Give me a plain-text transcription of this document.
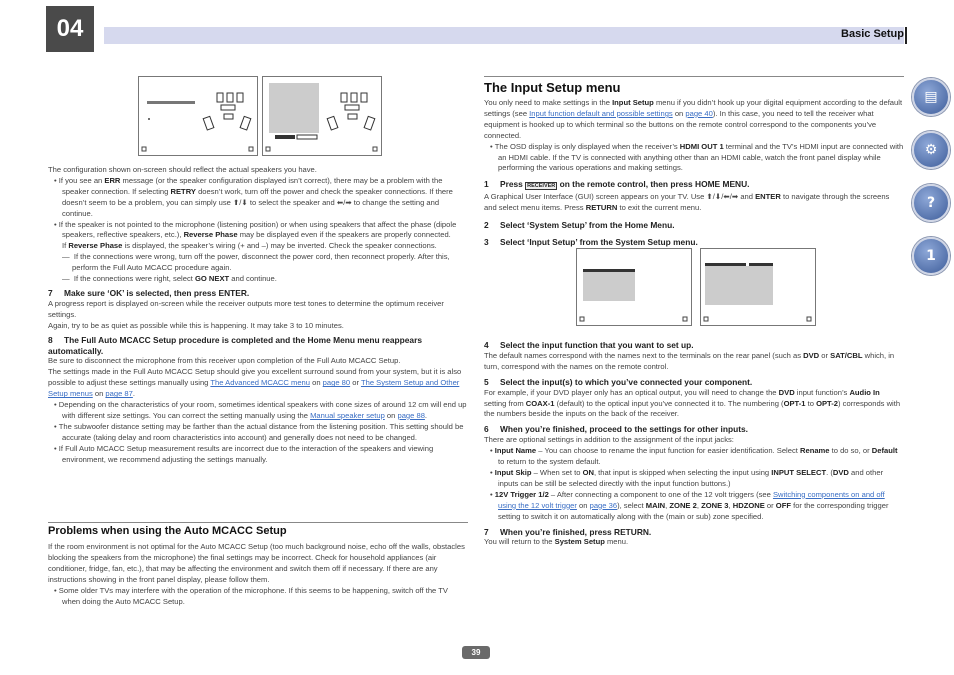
04	Basic Setup

The configuration shown on-screen should reflect the actual speakers you have.

• If you see an ERR message (or the speaker configuration displayed isn’t correct), there may be a problem with the speaker connection. If selecting RETRY doesn’t work, turn off the power and check the speaker connections. If there doesn’t seem to be a problem, you can simply use ⬆/⬇ to select the speaker and ⬅/➡ to change the setting and continue.

• If the speaker is not pointed to the microphone (listening position) or when using speakers that affect the phase (dipole speakers, reflective speakers, etc.), Reverse Phase may be displayed even if the speakers are properly connected.

If Reverse Phase is displayed, the speaker’s wiring (+ and –) may be inverted. Check the speaker connections.

—  If the connections were wrong, turn off the power, disconnect the power cord, then reconnect properly. After this, perform the Full Auto MCACC procedure again.

—  If the connections were right, select GO NEXT and continue.

7 Make sure ‘OK’ is selected, then press ENTER.

A progress report is displayed on-screen while the receiver outputs more test tones to determine the optimum receiver settings.

Again, try to be as quiet as possible while this is happening. It may take 3 to 10 minutes.

8 The Full Auto MCACC Setup procedure is completed and the Home Menu menu reappears automatically.

Be sure to disconnect the microphone from this receiver upon completion of the Full Auto MCACC Setup.

The settings made in the Full Auto MCACC Setup should give you excellent surround sound from your system, but it is also possible to adjust these settings manually using The Advanced MCACC menu on page 80 or The System Setup and Other Setup menus on page 87.

• Depending on the characteristics of your room, sometimes identical speakers with cone sizes of around 12 cm will end up with different size settings. You can correct the setting manually using the Manual speaker setup on page 88.

• The subwoofer distance setting may be farther than the actual distance from the listening position. This setting should be accurate (taking delay and room characteristics into account) and generally does not need to be changed.

• If Full Auto MCACC Setup measurement results are incorrect due to the interaction of the speakers and viewing environment, we recommend adjusting the settings manually.

Problems when using the Auto MCACC Setup

If the room environment is not optimal for the Auto MCACC Setup (too much background noise, echo off the walls, obstacles blocking the speakers from the microphone) the final settings may be incorrect. Check for household appliances (air conditioner, fridge, fan, etc.), that may be affecting the environment and switch them off if necessary. If there are any instructions showing in the front panel display, please follow them.

• Some older TVs may interfere with the operation of the microphone. If this seems to be happening, switch off the TV when doing the Auto MCACC Setup.

The Input Setup menu

You only need to make settings in the Input Setup menu if you didn’t hook up your digital equipment according to the default settings (see Input function default and possible settings on page 40). In this case, you need to tell the receiver what equipment is hooked up to which terminal so the buttons on the remote control correspond to the components you’ve connected.

• The OSD display is only displayed when the receiver’s HDMI OUT 1 terminal and the TV’s HDMI input are connected with an HDMI cable. If the TV is connected with anything other than an HDMI cable, watch the front panel display while performing the various operations and making settings.

1 Press RECEIVER on the remote control, then press HOME MENU.

A Graphical User Interface (GUI) screen appears on your TV. Use ⬆/⬇/⬅/➡ and ENTER to navigate through the screens and select menu items. Press RETURN to exit the current menu.

2 Select ‘System Setup’ from the Home Menu.

3 Select ‘Input Setup’ from the System Setup menu.

4 Select the input function that you want to set up.

The default names correspond with the names next to the terminals on the rear panel (such as DVD or SAT/CBL which, in turn, correspond with the names on the remote control.

5 Select the input(s) to which you’ve connected your component.

For example, if your DVD player only has an optical output, you will need to change the DVD input function’s Audio In setting from COAX-1 (default) to the optical input you’ve connected it to. The numbering (OPT-1 to OPT-2) corresponds with the numbers beside the inputs on the back of the receiver.

6 When you’re finished, proceed to the settings for other inputs.

There are optional settings in addition to the assignment of the input jacks:

• Input Name – You can choose to rename the input function for easier identification. Select Rename to do so, or Default to return to the system default.

• Input Skip – When set to ON, that input is skipped when selecting the input using INPUT SELECT. (DVD and other inputs can be still be selected directly with the input function buttons.)

• 12V Trigger 1/2 – After connecting a component to one of the 12 volt triggers (see Switching components on and off using the 12 volt trigger on page 36), select MAIN, ZONE 2, ZONE 3, HDZONE or OFF for the corresponding trigger setting to switch it on automatically along with the (main or sub) zone specified.

7 When you’re finished, press RETURN.

You will return to the System Setup menu.

▤
⚙
?
1
39
